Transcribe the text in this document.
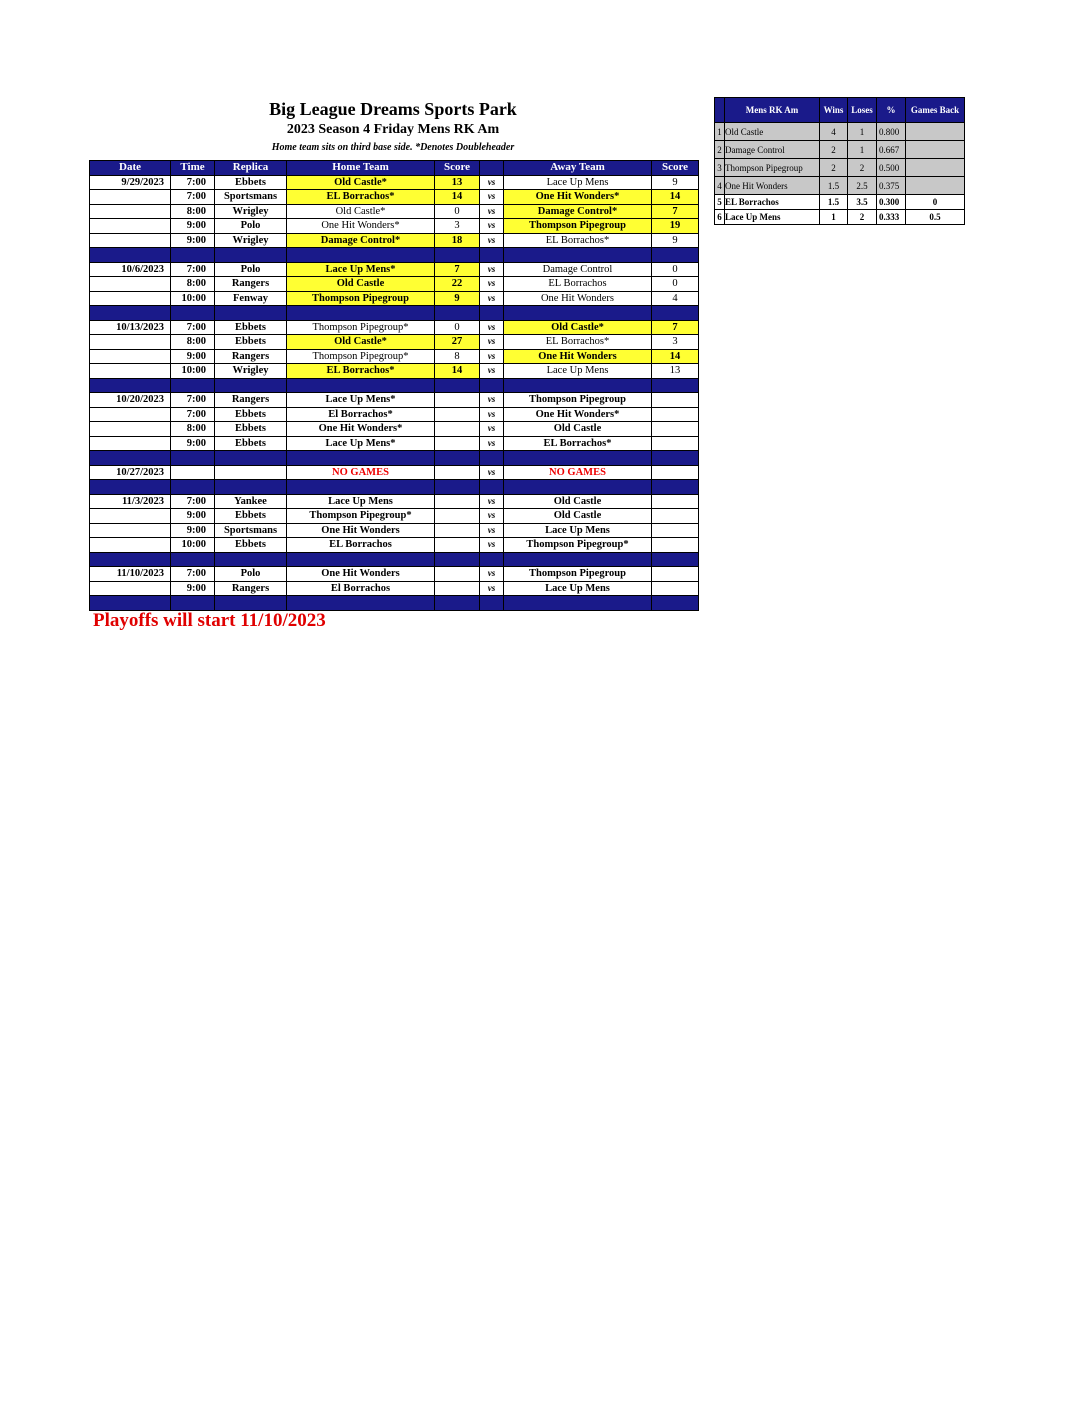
Big League Dreams Sports Park
2023 Season 4 Friday Mens RK Am
Home team sits on third base side. *Denotes Doubleheader
Date	Time	Replica	Home Team	Score		Away Team	Score
9/29/2023	7:00	Ebbets	Old Castle*	13	vs	Lace Up Mens	9
	7:00	Sportsmans	EL Borrachos*	14	vs	One Hit Wonders*	14
	8:00	Wrigley	Old Castle*	0	vs	Damage Control*	7
	9:00	Polo	One Hit Wonders*	3	vs	Thompson Pipegroup	19
	9:00	Wrigley	Damage Control*	18	vs	EL Borrachos*	9

10/6/2023	7:00	Polo	Lace Up Mens*	7	vs	Damage Control	0
	8:00	Rangers	Old Castle	22	vs	EL Borrachos	0
	10:00	Fenway	Thompson Pipegroup	9	vs	One Hit Wonders	4

10/13/2023	7:00	Ebbets	Thompson Pipegroup*	0	vs	Old Castle*	7
	8:00	Ebbets	Old Castle*	27	vs	EL Borrachos*	3
	9:00	Rangers	Thompson Pipegroup*	8	vs	One Hit Wonders	14
	10:00	Wrigley	EL Borrachos*	14	vs	Lace Up Mens	13

10/20/2023	7:00	Rangers	Lace Up Mens*		vs	Thompson Pipegroup	
	7:00	Ebbets	El Borrachos*		vs	One Hit Wonders*	
	8:00	Ebbets	One Hit Wonders*		vs	Old Castle	
	9:00	Ebbets	Lace Up Mens*		vs	EL Borrachos*	

10/27/2023			NO GAMES		vs	NO GAMES	

11/3/2023	7:00	Yankee	Lace Up Mens		vs	Old Castle	
	9:00	Ebbets	Thompson Pipegroup*		vs	Old Castle	
	9:00	Sportsmans	One Hit Wonders		vs	Lace Up Mens	
	10:00	Ebbets	EL Borrachos		vs	Thompson Pipegroup*	

11/10/2023	7:00	Polo	One Hit Wonders		vs	Thompson Pipegroup	
	9:00	Rangers	El Borrachos		vs	Lace Up Mens	

	Mens RK Am	Wins	Loses	%	Games Back
1	Old Castle	4	1	0.800	
2	Damage Control	2	1	0.667	
3	Thompson Pipegroup	2	2	0.500	
4	One Hit Wonders	1.5	2.5	0.375	
5	EL Borrachos	1.5	3.5	0.300	0
6	Lace Up Mens	1	2	0.333	0.5
Playoffs will start 11/10/2023
